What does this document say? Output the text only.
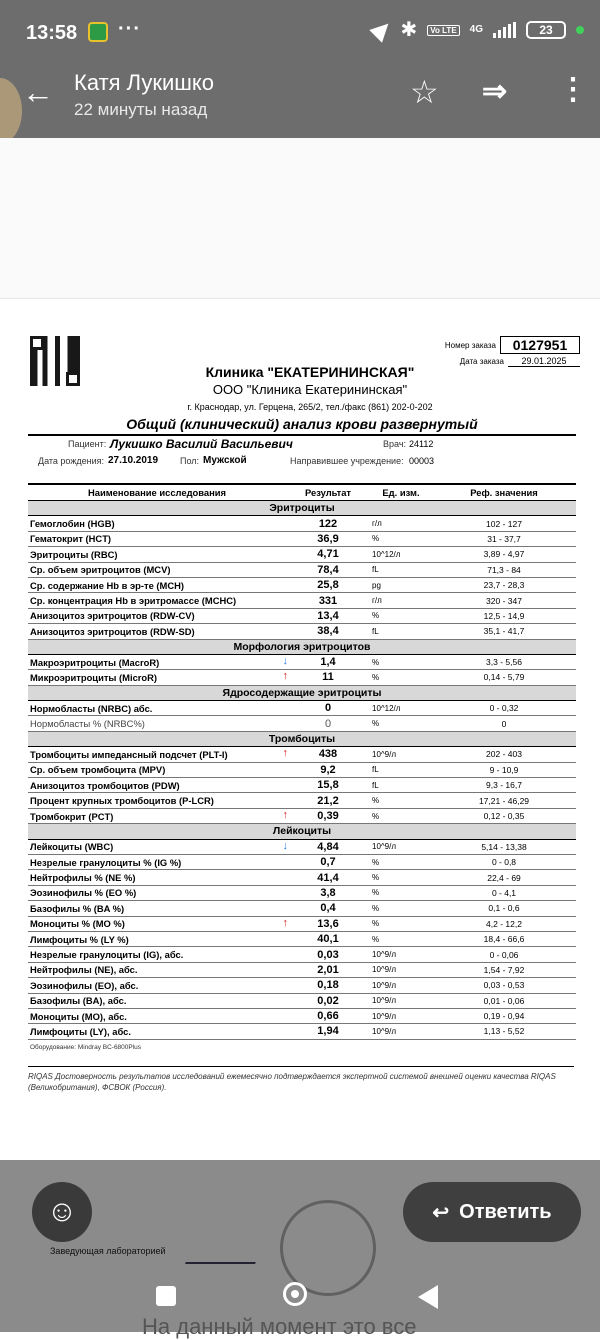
13:58 ···	✱	Vo LTE	4G	23
← Катя Лукишко
22 минуты назад	☆ ⇒ ⋮
Номер заказа	0127951
Дата заказа	29.01.2025
Клиника "ЕКАТЕРИНИНСКАЯ"
ООО "Клиника Екатерининская"
г. Краснодар, ул. Герцена, 265/2, тел./факс (861) 202-0-202
Общий (клинический) анализ крови развернутый
Пациент: Лукишко Василий Васильевич	Врач: 24112
Дата рождения: 27.10.2019 Пол: Мужской	Направившее учреждение: 00003
Наименование исследования	Результат	Ед. изм.	Реф. значения
Эритроциты			
Гемоглобин (HGB)	122	г/л	102 - 127
Гематокрит (HCT)	36,9	%	31 - 37,7
Эритроциты (RBC)	4,71	10^12/л	3,89 - 4,97
Ср. объем эритроцитов (MCV)	78,4	fL	71,3 - 84
Ср. содержание Hb в эр-те (MCH)	25,8	pg	23,7 - 28,3
Ср. концентрация Hb в эритромассе (MCHC)	331	г/л	320 - 347
Анизоцитоз эритроцитов (RDW-CV)	13,4	%	12,5 - 14,9
Анизоцитоз эритроцитов (RDW-SD)	38,4	fL	35,1 - 41,7
Морфология эритроцитов			
Макроэритроциты (MacroR) ↓	1,4	%	3,3 - 5,56
Микроэритроциты (MicroR) ↑	11	%	0,14 - 5,79
Ядросодержащие эритроциты			
Нормобласты (NRBC) абс.	0	10^12/л	0 - 0,32
Нормобласты % (NRBC%)	0	%	0
Тромбоциты			
Тромбоциты импедансный подсчет (PLT-I) ↑	438	10^9/л	202 - 403
Ср. объем тромбоцита (MPV)	9,2	fL	9 - 10,9
Анизоцитоз тромбоцитов (PDW)	15,8	fL	9,3 - 16,7
Процент крупных тромбоцитов (P-LCR)	21,2	%	17,21 - 46,29
Тромбокрит (PCT) ↑	0,39	%	0,12 - 0,35
Лейкоциты			
Лейкоциты (WBC) ↓	4,84	10^9/л	5,14 - 13,38
Незрелые гранулоциты % (IG %)	0,7	%	0 - 0,8
Нейтрофилы % (NE %)	41,4	%	22,4 - 69
Эозинофилы % (EO %)	3,8	%	0 - 4,1
Базофилы % (BA %)	0,4	%	0,1 - 0,6
Моноциты % (MO %) ↑	13,6	%	4,2 - 12,2
Лимфоциты % (LY %)	40,1	%	18,4 - 66,6
Незрелые гранулоциты (IG), абс.	0,03	10^9/л	0 - 0,06
Нейтрофилы (NE), абс.	2,01	10^9/л	1,54 - 7,92
Эозинофилы (EO), абс.	0,18	10^9/л	0,03 - 0,53
Базофилы (BA), абс.	0,02	10^9/л	0,01 - 0,06
Моноциты (MO), абс.	0,66	10^9/л	0,19 - 0,94
Лимфоциты (LY), абс.	1,94	10^9/л	1,13 - 5,52
Оборудование: Mindray BC-6800Plus
RIQAS Достоверность результатов исследований ежемесячно подтверждается экспертной системой внешней оценки качества RIQAS (Великобритания), ФСВОК (Россия).
Заведующая лабораторией
☺	↩ Ответить
На данный момент это все
